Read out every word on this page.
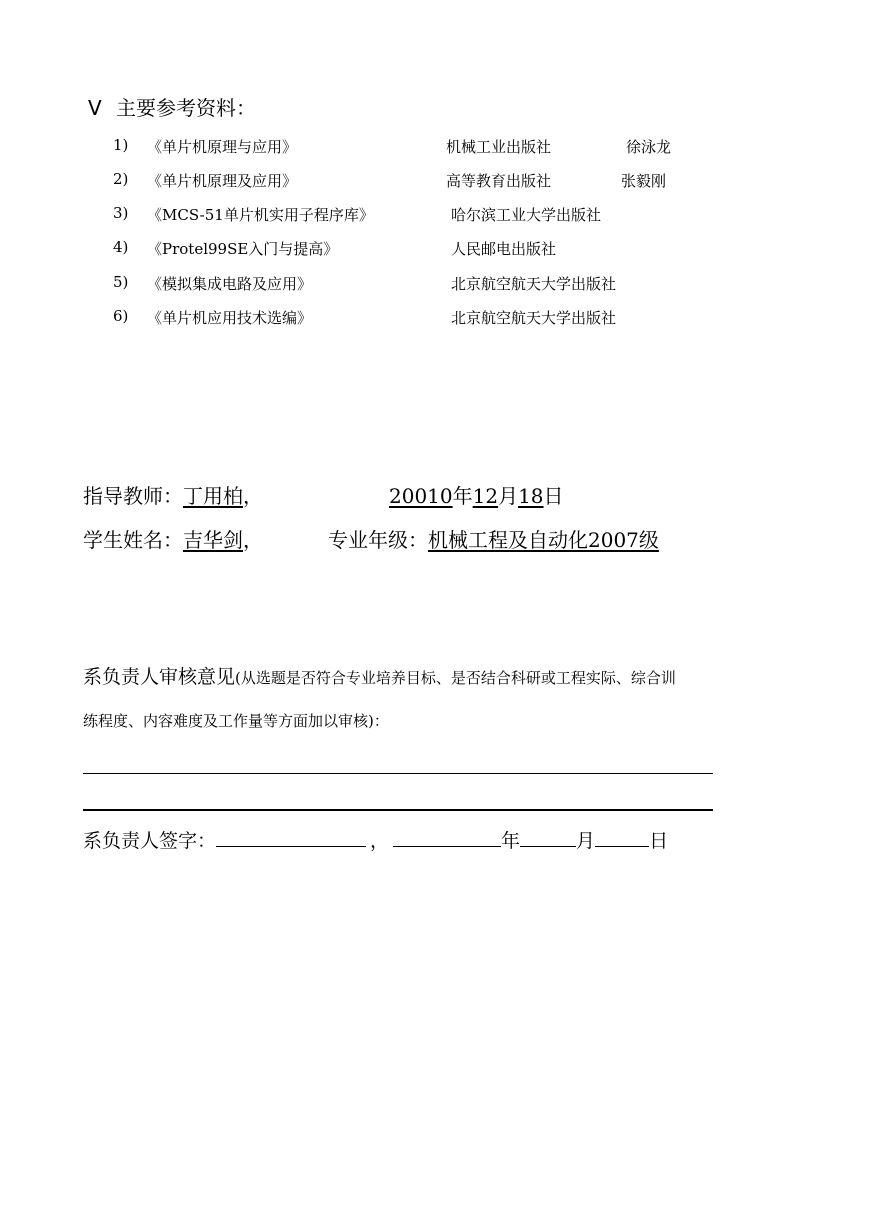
Ⅴ 主要参考资料：
1) 《单片机原理与应用》	机械工业出版社	徐泳龙
2) 《单片机原理及应用》	高等教育出版社	张毅刚
3) 《MCS-51单片机实用子程序库》	哈尔滨工业大学出版社
4) 《Protel99SE入门与提高》	人民邮电出版社
5) 《模拟集成电路及应用》	北京航空航天大学出版社
6) 《单片机应用技术选编》	北京航空航天大学出版社
指导教师：丁用柏，	20010年12月18日
学生姓名：吉华剑，	专业年级：机械工程及自动化2007级
系负责人审核意见(从选题是否符合专业培养目标、是否结合科研或工程实际、综合训
练程度、内容难度及工作量等方面加以审核)：
系负责人签字：	，	年	月	日
